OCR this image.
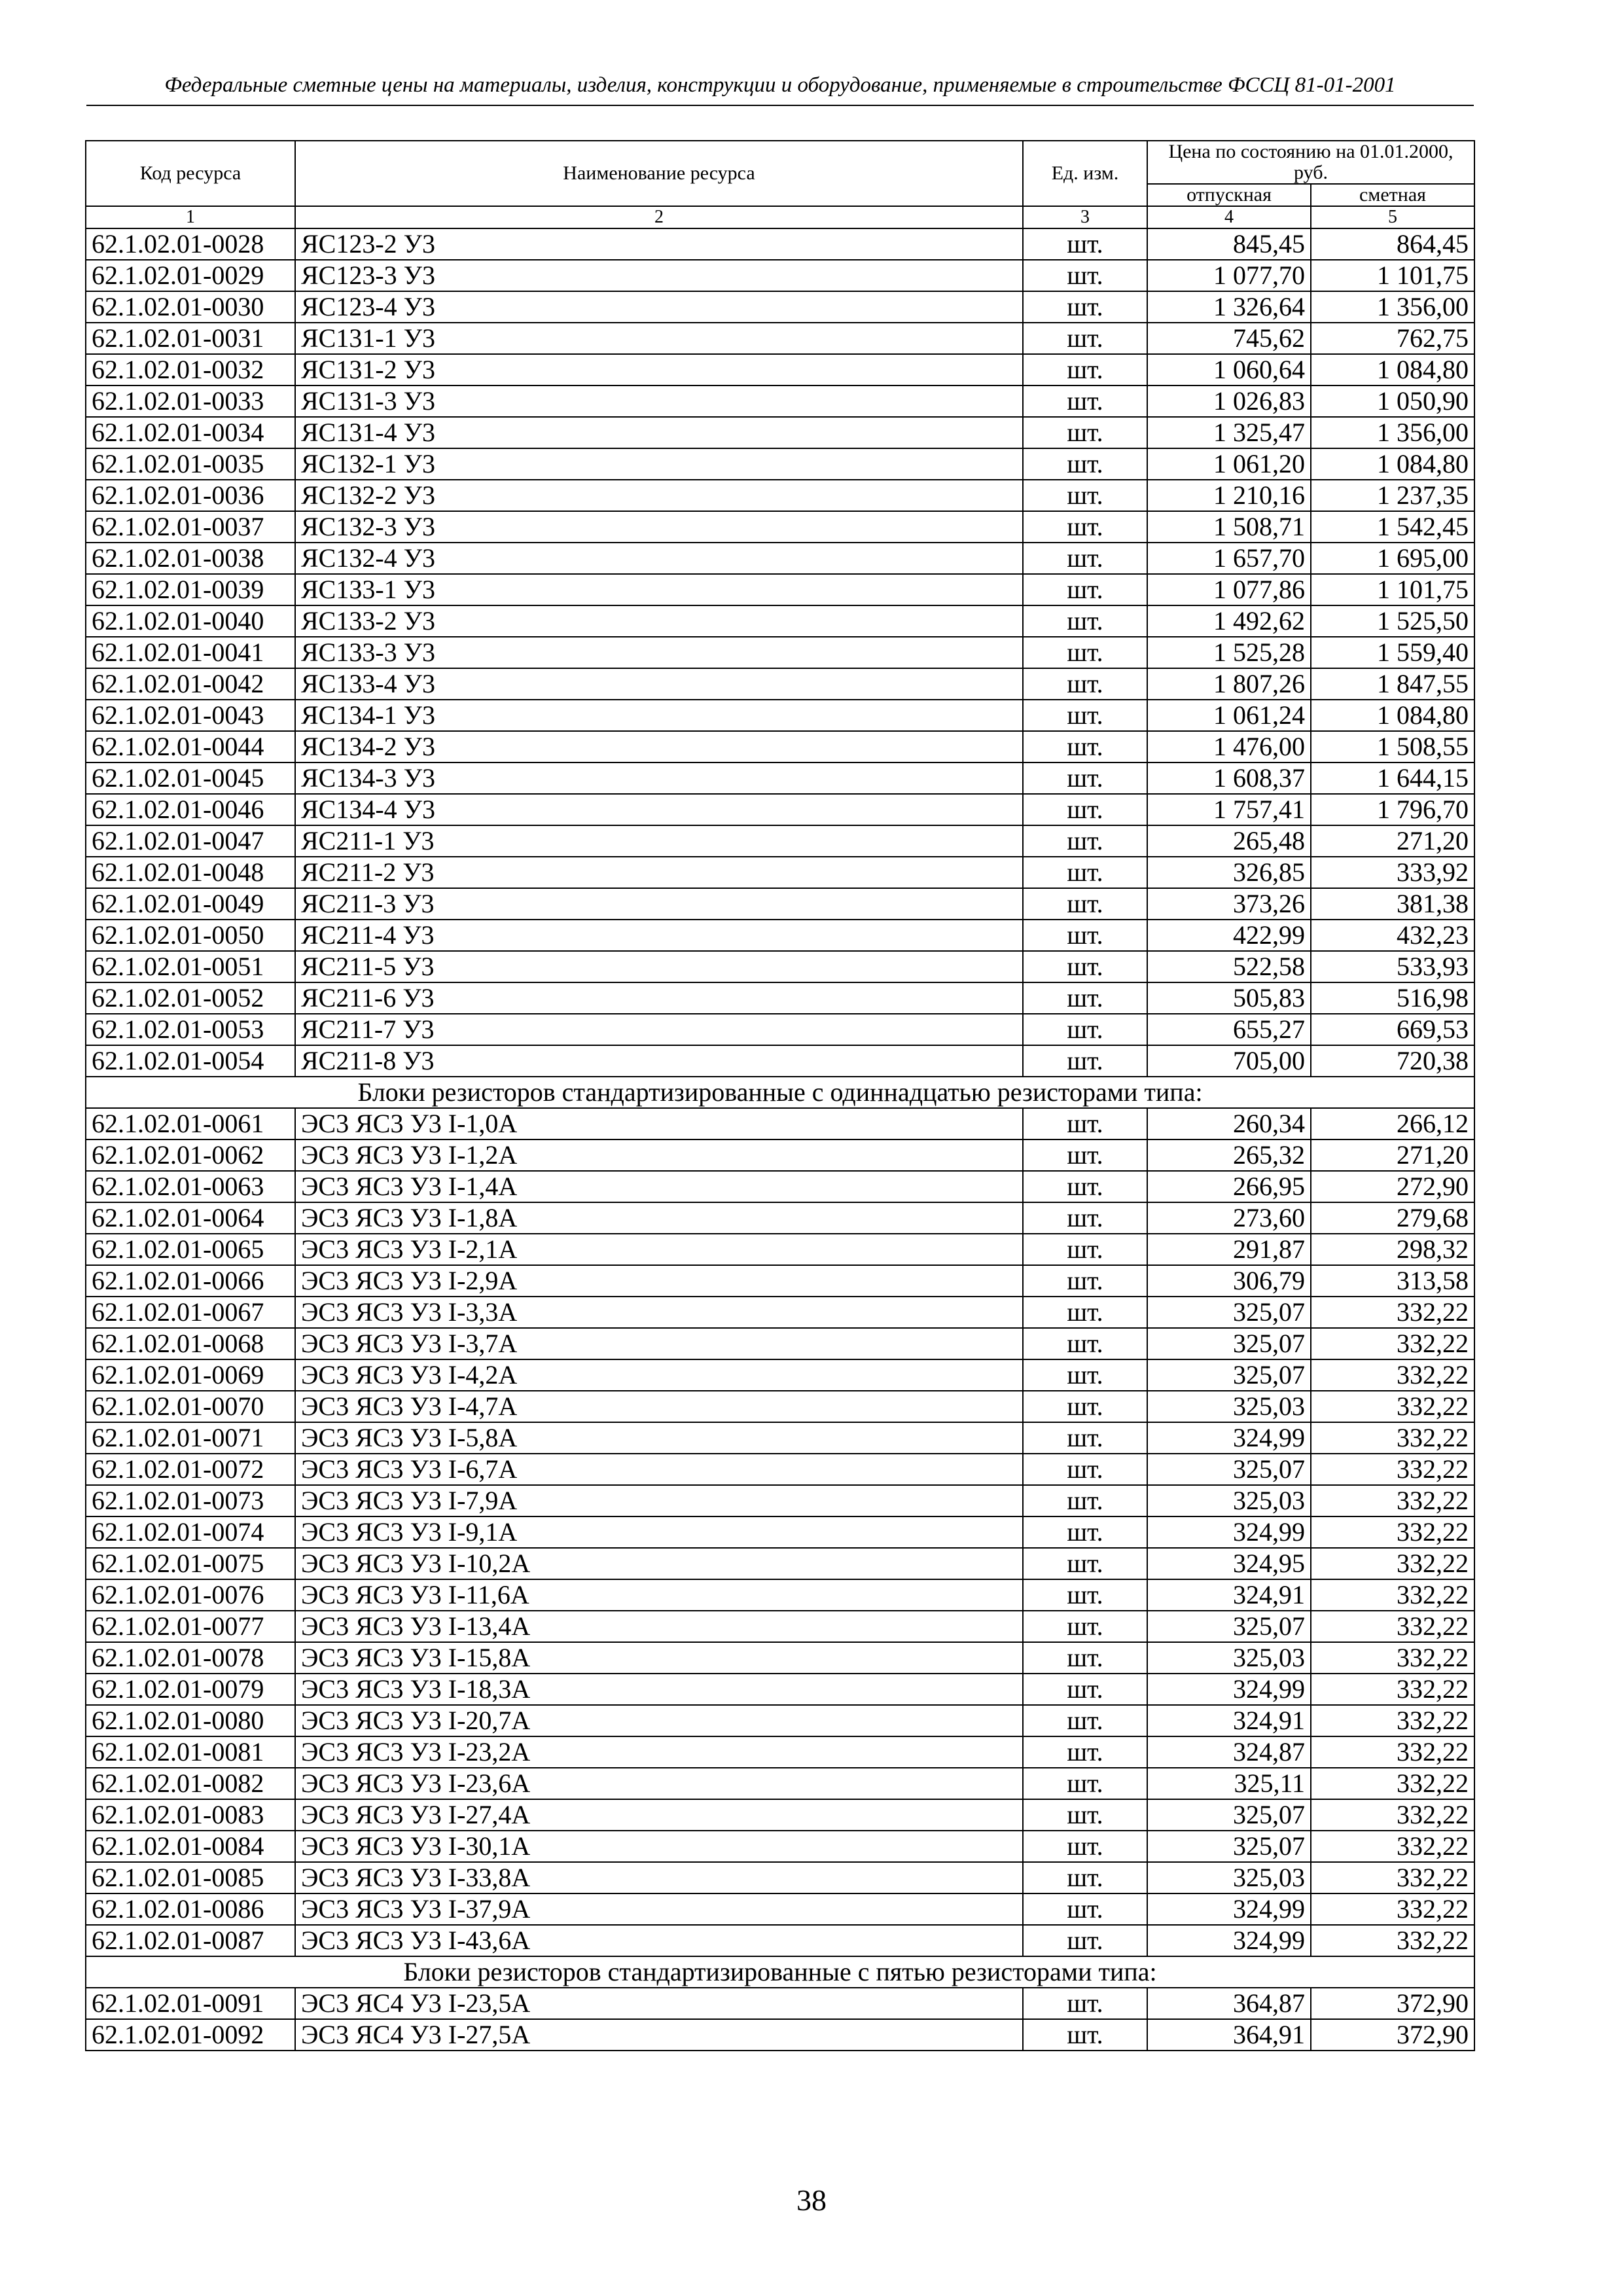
Федеральные сметные цены на материалы, изделия, конструкции и оборудование, применяемые в строительстве ФССЦ 81-01-2001
Код ресурса	Наименование ресурса	Ед. изм.	Цена по состоянию на 01.01.2000, руб.	

			отпускная	сметная
1	2	3	4	5
62.1.02.01-0028	ЯС123-2 У3	шт.	845,45	864,45
62.1.02.01-0029	ЯС123-3 У3	шт.	1 077,70	1 101,75
62.1.02.01-0030	ЯС123-4 У3	шт.	1 326,64	1 356,00
62.1.02.01-0031	ЯС131-1 У3	шт.	745,62	762,75
62.1.02.01-0032	ЯС131-2 У3	шт.	1 060,64	1 084,80
62.1.02.01-0033	ЯС131-3 У3	шт.	1 026,83	1 050,90
62.1.02.01-0034	ЯС131-4 У3	шт.	1 325,47	1 356,00
62.1.02.01-0035	ЯС132-1 У3	шт.	1 061,20	1 084,80
62.1.02.01-0036	ЯС132-2 У3	шт.	1 210,16	1 237,35
62.1.02.01-0037	ЯС132-3 У3	шт.	1 508,71	1 542,45
62.1.02.01-0038	ЯС132-4 У3	шт.	1 657,70	1 695,00
62.1.02.01-0039	ЯС133-1 У3	шт.	1 077,86	1 101,75
62.1.02.01-0040	ЯС133-2 У3	шт.	1 492,62	1 525,50
62.1.02.01-0041	ЯС133-3 У3	шт.	1 525,28	1 559,40
62.1.02.01-0042	ЯС133-4 У3	шт.	1 807,26	1 847,55
62.1.02.01-0043	ЯС134-1 У3	шт.	1 061,24	1 084,80
62.1.02.01-0044	ЯС134-2 У3	шт.	1 476,00	1 508,55
62.1.02.01-0045	ЯС134-3 У3	шт.	1 608,37	1 644,15
62.1.02.01-0046	ЯС134-4 У3	шт.	1 757,41	1 796,70
62.1.02.01-0047	ЯС211-1 У3	шт.	265,48	271,20
62.1.02.01-0048	ЯС211-2 У3	шт.	326,85	333,92
62.1.02.01-0049	ЯС211-3 У3	шт.	373,26	381,38
62.1.02.01-0050	ЯС211-4 У3	шт.	422,99	432,23
62.1.02.01-0051	ЯС211-5 У3	шт.	522,58	533,93
62.1.02.01-0052	ЯС211-6 У3	шт.	505,83	516,98
62.1.02.01-0053	ЯС211-7 У3	шт.	655,27	669,53
62.1.02.01-0054	ЯС211-8 У3	шт.	705,00	720,38
Блоки резисторов стандартизированные с одиннадцатью резисторами типа:				
62.1.02.01-0061	ЭС3 ЯС3 У3 I-1,0А	шт.	260,34	266,12
62.1.02.01-0062	ЭС3 ЯС3 У3 I-1,2А	шт.	265,32	271,20
62.1.02.01-0063	ЭС3 ЯС3 У3 I-1,4А	шт.	266,95	272,90
62.1.02.01-0064	ЭС3 ЯС3 У3 I-1,8А	шт.	273,60	279,68
62.1.02.01-0065	ЭС3 ЯС3 У3 I-2,1А	шт.	291,87	298,32
62.1.02.01-0066	ЭС3 ЯС3 У3 I-2,9А	шт.	306,79	313,58
62.1.02.01-0067	ЭС3 ЯС3 У3 I-3,3А	шт.	325,07	332,22
62.1.02.01-0068	ЭС3 ЯС3 У3 I-3,7А	шт.	325,07	332,22
62.1.02.01-0069	ЭС3 ЯС3 У3 I-4,2А	шт.	325,07	332,22
62.1.02.01-0070	ЭС3 ЯС3 У3 I-4,7А	шт.	325,03	332,22
62.1.02.01-0071	ЭС3 ЯС3 У3 I-5,8А	шт.	324,99	332,22
62.1.02.01-0072	ЭС3 ЯС3 У3 I-6,7А	шт.	325,07	332,22
62.1.02.01-0073	ЭС3 ЯС3 У3 I-7,9А	шт.	325,03	332,22
62.1.02.01-0074	ЭС3 ЯС3 У3 I-9,1А	шт.	324,99	332,22
62.1.02.01-0075	ЭС3 ЯС3 У3 I-10,2А	шт.	324,95	332,22
62.1.02.01-0076	ЭС3 ЯС3 У3 I-11,6А	шт.	324,91	332,22
62.1.02.01-0077	ЭС3 ЯС3 У3 I-13,4А	шт.	325,07	332,22
62.1.02.01-0078	ЭС3 ЯС3 У3 I-15,8А	шт.	325,03	332,22
62.1.02.01-0079	ЭС3 ЯС3 У3 I-18,3А	шт.	324,99	332,22
62.1.02.01-0080	ЭС3 ЯС3 У3 I-20,7А	шт.	324,91	332,22
62.1.02.01-0081	ЭС3 ЯС3 У3 I-23,2А	шт.	324,87	332,22
62.1.02.01-0082	ЭС3 ЯС3 У3 I-23,6А	шт.	325,11	332,22
62.1.02.01-0083	ЭС3 ЯС3 У3 I-27,4А	шт.	325,07	332,22
62.1.02.01-0084	ЭС3 ЯС3 У3 I-30,1А	шт.	325,07	332,22
62.1.02.01-0085	ЭС3 ЯС3 У3 I-33,8А	шт.	325,03	332,22
62.1.02.01-0086	ЭС3 ЯС3 У3 I-37,9А	шт.	324,99	332,22
62.1.02.01-0087	ЭС3 ЯС3 У3 I-43,6А	шт.	324,99	332,22
Блоки резисторов стандартизированные с пятью резисторами типа:				
62.1.02.01-0091	ЭС3 ЯС4 У3 I-23,5А	шт.	364,87	372,90
62.1.02.01-0092	ЭС3 ЯС4 У3 I-27,5А	шт.	364,91	372,90
38
